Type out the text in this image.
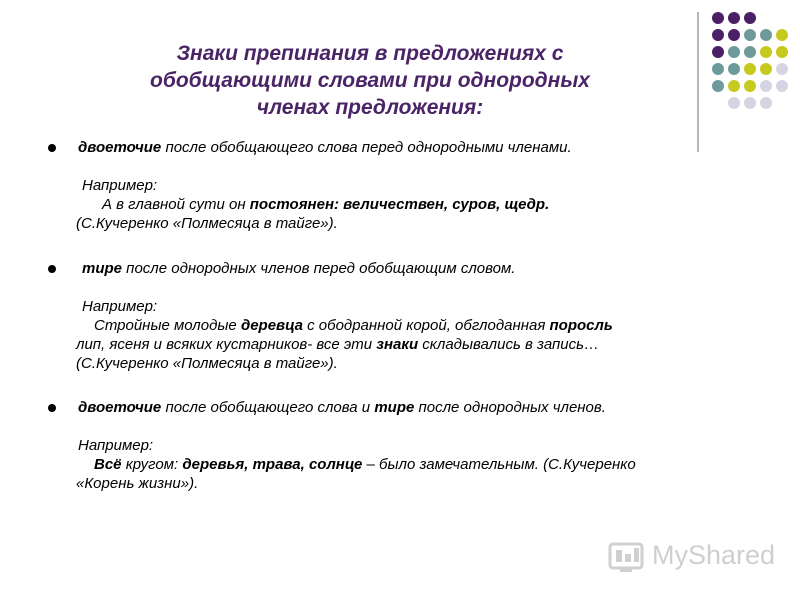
Знаки препинания в предложениях с
обобщающими словами при однородных
членах предложения:
двоеточие после обобщающего слова перед однородными членами.
Например:
А в главной сути он постоянен: величествен, суров, щедр.
(С.Кучеренко «Полмесяца в тайге»).
тире после однородных членов перед обобщающим словом.
Например:
Стройные молодые деревца с ободранной корой, обглоданная поросль
лип, ясеня и всяких кустарников- все эти знаки складывались в запись…
(С.Кучеренко «Полмесяца в тайге»).
двоеточие после обобщающего слова и тире после однородных членов.
Например:
Всё кругом: деревья, трава, солнце – было замечательным. (С.Кучеренко
«Корень жизни»).
MyShared
